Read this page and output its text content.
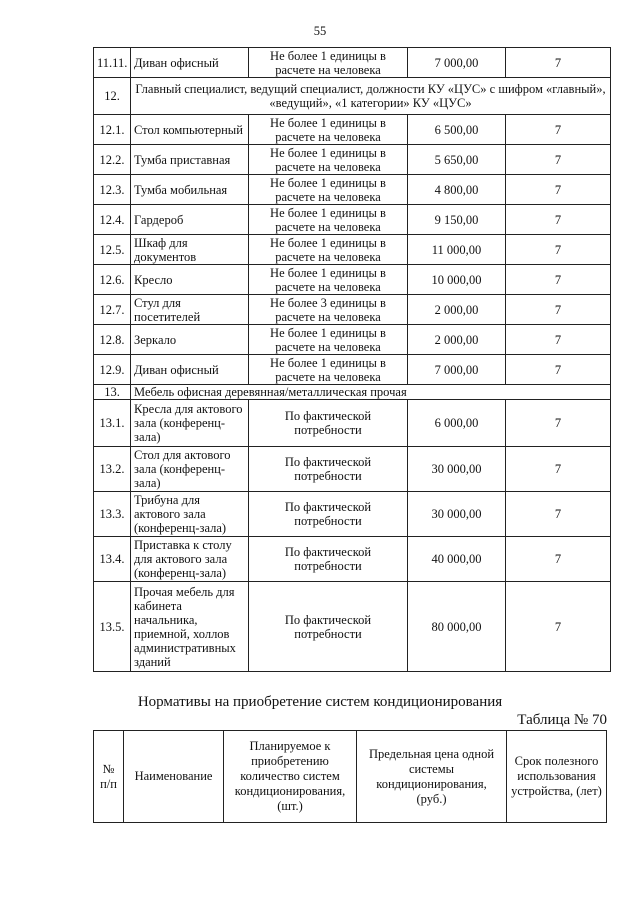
55
11.11.	Диван офисный	Не более 1 единицы в расчете на человека	7 000,00	7
12.	Главный специалист, ведущий специалист, должности КУ «ЦУС» с шифром «главный», «ведущий», «1 категории» КУ «ЦУС»			
12.1.	Стол компьютерный	Не более 1 единицы в расчете на человека	6 500,00	7
12.2.	Тумба приставная	Не более 1 единицы в расчете на человека	5 650,00	7
12.3.	Тумба мобильная	Не более 1 единицы в расчете на человека	4 800,00	7
12.4.	Гардероб	Не более 1 единицы в расчете на человека	9 150,00	7
12.5.	Шкаф для документов	Не более 1 единицы в расчете на человека	11 000,00	7
12.6.	Кресло	Не более 1 единицы в расчете на человека	10 000,00	7
12.7.	Стул для посетителей	Не более 3 единицы в расчете на человека	2 000,00	7
12.8.	Зеркало	Не более 1 единицы в расчете на человека	2 000,00	7
12.9.	Диван офисный	Не более 1 единицы в расчете на человека	7 000,00	7
13.	Мебель офисная деревянная/металлическая прочая			
13.1.	Кресла для актового зала (конференц-зала)	По фактической потребности	6 000,00	7
13.2.	Стол для актового зала (конференц-зала)	По фактической потребности	30 000,00	7
13.3.	Трибуна для актового зала (конференц-зала)	По фактической потребности	30 000,00	7
13.4.	Приставка к столу для актового зала (конференц-зала)	По фактической потребности	40 000,00	7
13.5.	Прочая мебель для кабинета начальника, приемной, холлов административных зданий	По фактической потребности	80 000,00	7
Нормативы на приобретение систем кондиционирования
Таблица № 70
№ п/п	Наименование	Планируемое к приобретению количество систем кондиционирования, (шт.)	Предельная цена одной системы кондиционирования, (руб.)	Срок полезного использования устройства, (лет)
